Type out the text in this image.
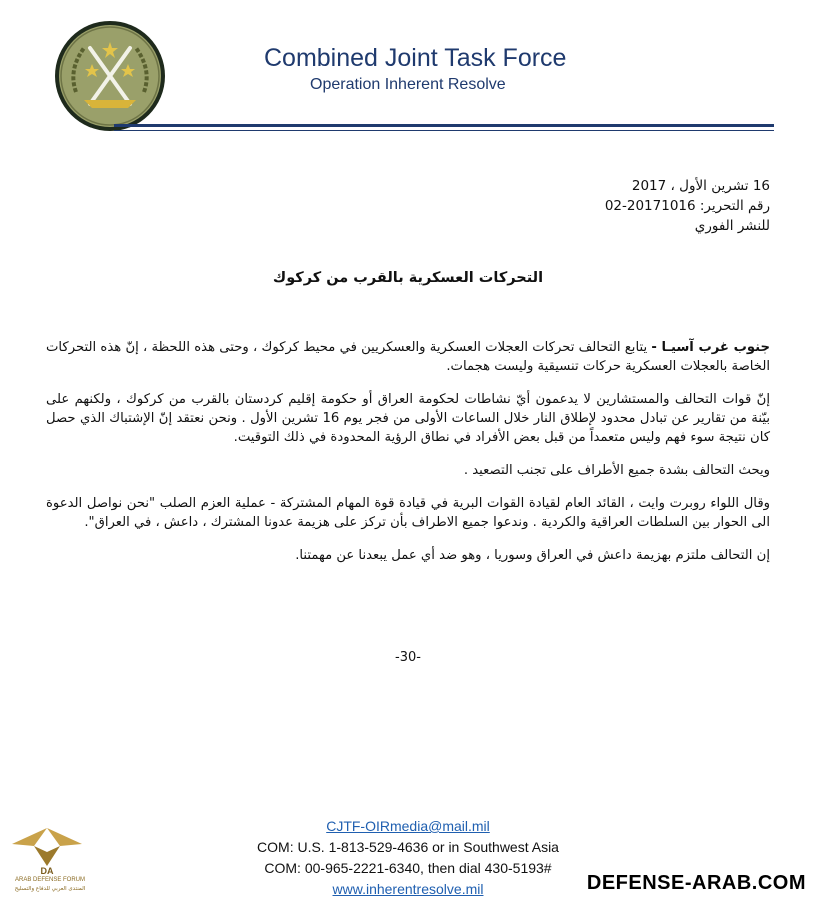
Combined Joint Task Force
Operation Inherent Resolve
16 تشرين الأول ، 2017
رقم التحرير: 20171016-02
للنشر الفوري
التحركات العسكرية بالقرب من كركوك

جنوب غرب آسيـا - يتابع التحالف تحركات العجلات العسكرية والعسكريين في محيط كركوك ، وحتى هذه اللحظة ، إنّ هذه التحركات الخاصة بالعجلات العسكرية حركات تنسيقية وليست هجمات.

إنّ قوات التحالف والمستشارين لا يدعمون أيّ نشاطات لحكومة العراق أو حكومة إقليم كردستان بالقرب من كركوك ، ولكنهم على بيّنة من تقارير عن تبادل محدود لإطلاق النار خلال الساعات الأولى من فجر يوم 16 تشرين الأول . ونحن نعتقد إنّ الإشتباك الذي حصل كان نتيجة سوء فهم وليس متعمداً من قبل بعض الأفراد في نطاق الرؤية المحدودة في ذلك التوقيت.

ويحث التحالف بشدة جميع الأطراف على تجنب التصعيد .

وقال اللواء روبرت وايت ، القائد العام لقيادة القوات البرية في قيادة قوة المهام المشتركة - عملية العزم الصلب "نحن نواصل الدعوة الى الحوار بين السلطات العراقية والكردية . وندعوا جميع الاطراف بأن تركز على هزيمة عدونا المشترك ، داعش ، في العراق".

إن التحالف ملتزم بهزيمة داعش في العراق وسوريا ، وهو ضد أي عمل يبعدنا عن مهمتنا.

-30-
CJTF-OIRmedia@mail.mil
COM: U.S. 1-813-529-4636 or in Southwest Asia
COM: 00-965-2221-6340, then dial 430-5193#
www.inherentresolve.mil
DA
ARAB DEFENSE FORUM
المنتدى العربي للدفاع والتسليح	DEFENSE-ARAB.COM
